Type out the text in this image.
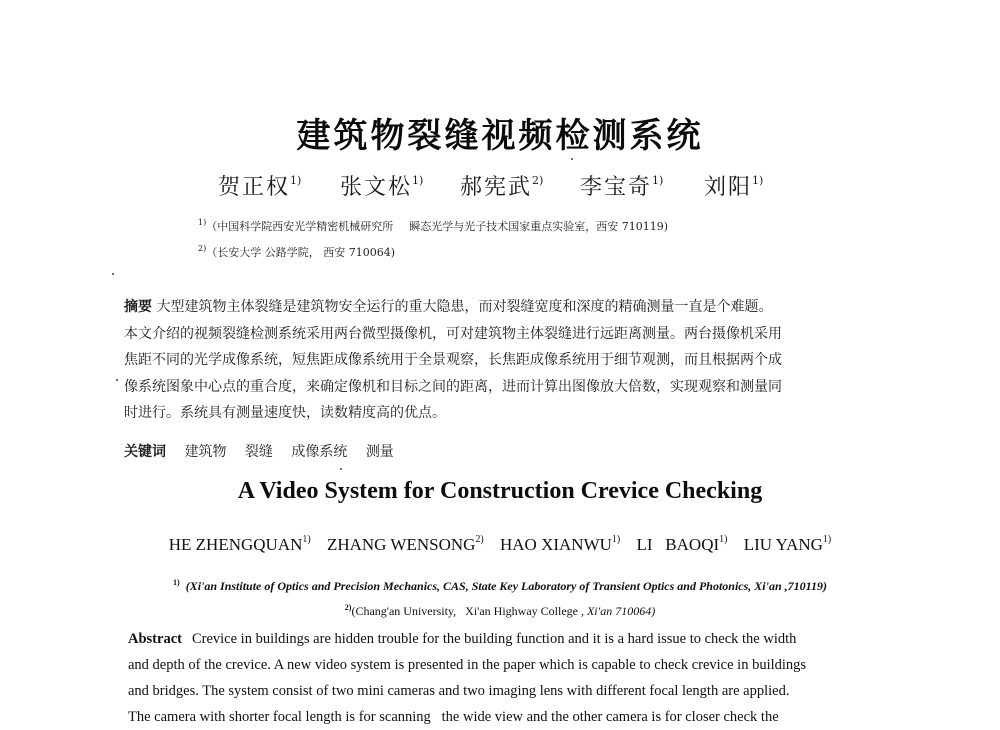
建筑物裂缝视频检测系统
贺正权$^{1)}$ 张文松$^{1)}$ 郝宪武$^{2)}$ 李宝奇$^{1)}$ 刘阳$^{1)}$
$^{1)}$（中国科学院西安光学精密机械研究所 瞬态光学与光子技术国家重点实验室，西安 710119)
$^{2)}$（长安大学 公路学院， 西安 710064)
摘要 大型建筑物主体裂缝是建筑物安全运行的重大隐患，而对裂缝宽度和深度的精确测量一直是个难题。
本文介绍的视频裂缝检测系统采用两台微型摄像机，可对建筑物主体裂缝进行远距离测量。两台摄像机采用
焦距不同的光学成像系统，短焦距成像系统用于全景观察，长焦距成像系统用于细节观测，而且根据两个成
像系统图象中心点的重合度，来确定像机和目标之间的距离，进而计算出图像放大倍数，实现观察和测量同
时进行。系统具有测量速度快，读数精度高的优点。
关键词 建筑物 裂缝 成像系统 测量
A Video System for Construction Crevice Checking
HE ZHENGQUAN$^{1)}$ ZHANG WENSONG$^{2)}$ HAO XIANWU$^{1)}$ LI   BAOQI$^{1)}$ LIU YANG$^{1)}$
$^{1)}$ (Xi'an Institute of Optics and Precision Mechanics, CAS, State Key Laboratory of Transient Optics and Photonics, Xi'an ,710119)
$^{2)}$(Chang'an University,   Xi'an Highway College , Xi'an 710064)
Abstract Crevice in buildings are hidden trouble for the building function and it is a hard issue to check the width
and depth of the crevice. A new video system is presented in the paper which is capable to check crevice in buildings
and bridges. The system consist of two mini cameras and two imaging lens with different focal length are applied.
The camera with shorter focal length is for scanning   the wide view and the other camera is for closer check the
